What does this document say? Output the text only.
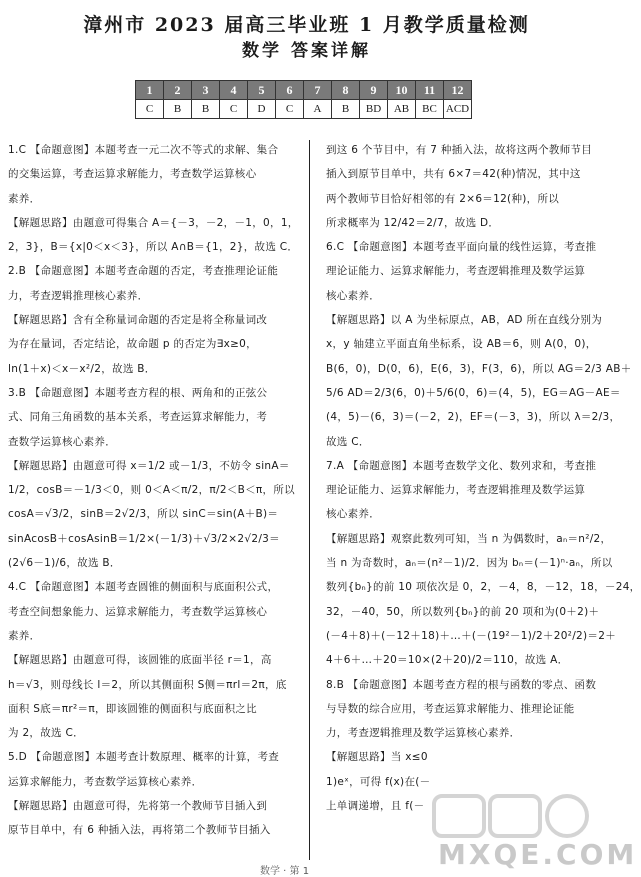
漳州市 2023 届高三毕业班 1 月教学质量检测
数学 答案详解
1	2	3	4	5	6	7	8	9	10	11	12
C	B	B	C	D	C	A	B	BD	AB	BC	ACD
1.C 【命题意图】本题考查一元二次不等式的求解、集合
的交集运算，考查运算求解能力，考查数学运算核心
素养．
【解题思路】由题意可得集合 A＝{－3，－2，－1，0，1，
2，3}，B＝{x|0＜x＜3}，所以 A∩B＝{1，2}，故选 C．
2.B 【命题意图】本题考查命题的否定，考查推理论证能
力，考查逻辑推理核心素养．
【解题思路】含有全称量词命题的否定是将全称量词改
为存在量词，否定结论，故命题 p 的否定为∃x≥0，
ln(1＋x)＜x－x²/2，故选 B．
3.B 【命题意图】本题考查方程的根、两角和的正弦公
式、同角三角函数的基本关系，考查运算求解能力，考
查数学运算核心素养．
【解题思路】由题意可得 x＝1/2 或－1/3，不妨令 sinA＝
1/2，cosB＝－1/3＜0，则 0＜A＜π/2，π/2＜B＜π，所以
cosA＝√3/2，sinB＝2√2/3，所以 sinC＝sin(A＋B)＝
sinAcosB＋cosAsinB＝1/2×(－1/3)＋√3/2×2√2/3＝
(2√6－1)/6，故选 B．
4.C 【命题意图】本题考查圆锥的侧面积与底面积公式，
考查空间想象能力、运算求解能力，考查数学运算核心
素养．
【解题思路】由题意可得，该圆锥的底面半径 r＝1，高
h＝√3，则母线长 l＝2，所以其侧面积 S侧＝πrl＝2π，底
面积 S底＝πr²＝π，即该圆锥的侧面积与底面积之比
为 2，故选 C．
5.D 【命题意图】本题考查计数原理、概率的计算，考查
运算求解能力，考查数学运算核心素养．
【解题思路】由题意可得，先将第一个教师节目插入到
原节目单中，有 6 种插入法，再将第二个教师节目插入
到这 6 个节目中，有 7 种插入法，故将这两个教师节目
插入到原节目单中，共有 6×7＝42(种)情况，其中这
两个教师节目恰好相邻的有 2×6＝12(种)，所以
所求概率为 12/42＝2/7，故选 D．
6.C 【命题意图】本题考查平面向量的线性运算，考查推
理论证能力、运算求解能力，考查逻辑推理及数学运算
核心素养．
【解题思路】以 A 为坐标原点，AB，AD 所在直线分别为
x，y 轴建立平面直角坐标系，设 AB＝6，则 A(0，0)，
B(6，0)，D(0，6)，E(6，3)，F(3，6)，所以 AG＝2/3 AB＋
5/6 AD＝2/3(6，0)＋5/6(0，6)＝(4，5)，EG＝AG－AE＝
(4，5)－(6，3)＝(－2，2)，EF＝(－3，3)，所以 λ＝2/3，
故选 C．
7.A 【命题意图】本题考查数学文化、数列求和，考查推
理论证能力、运算求解能力，考查逻辑推理及数学运算
核心素养．
【解题思路】观察此数列可知，当 n 为偶数时，aₙ＝n²/2，
当 n 为奇数时，aₙ＝(n²－1)/2．因为 bₙ＝(－1)ⁿ·aₙ，所以
数列{bₙ}的前 10 项依次是 0，2，－4，8，－12，18，－24，
32，－40，50，所以数列{bₙ}的前 20 项和为(0＋2)＋
(－4＋8)＋(－12＋18)＋…＋(－(19²－1)/2＋20²/2)＝2＋
4＋6＋…＋20＝10×(2＋20)/2＝110，故选 A．
8.B 【命题意图】本题考查方程的根与函数的零点、函数
与导数的综合应用，考查运算求解能力、推理论证能
力，考查逻辑推理及数学运算核心素养．
【解题思路】当 x≤0
1)eˣ，可得 f(x)在(－
上单调递增，且 f(－
MXQE.COM
数学 · 第 1
